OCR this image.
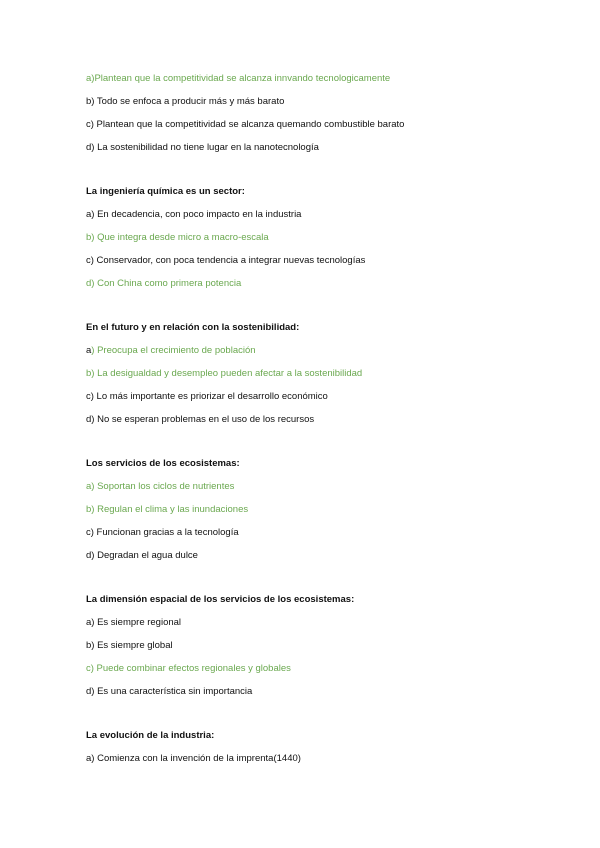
a)Plantean que la competitividad se alcanza innvando tecnologicamente
b) Todo se enfoca a producir más y más barato
c) Plantean que la competitividad se alcanza quemando combustible barato
d) La sostenibilidad no tiene lugar en la nanotecnología
La ingeniería química es un sector:
a) En decadencia, con poco impacto en la industria
b) Que integra desde micro a macro-escala
c) Conservador, con poca tendencia a integrar nuevas tecnologías
d) Con China como primera potencia
En el futuro y en relación con la sostenibilidad:
a) Preocupa el crecimiento de población
b) La desigualdad y desempleo pueden afectar a la sostenibilidad
c) Lo más importante es priorizar el desarrollo económico
d) No se esperan problemas en el uso de los recursos
Los servicios de los ecosistemas:
a) Soportan los ciclos de nutrientes
b) Regulan el clima y las inundaciones
c) Funcionan gracias a la tecnología
d) Degradan el agua dulce
La dimensión espacial de los servicios de los ecosistemas:
a) Es siempre regional
b) Es siempre global
c) Puede combinar efectos regionales y globales
d) Es una característica sin importancia
La evolución de la industria:
a) Comienza con la invención de la imprenta(1440)
